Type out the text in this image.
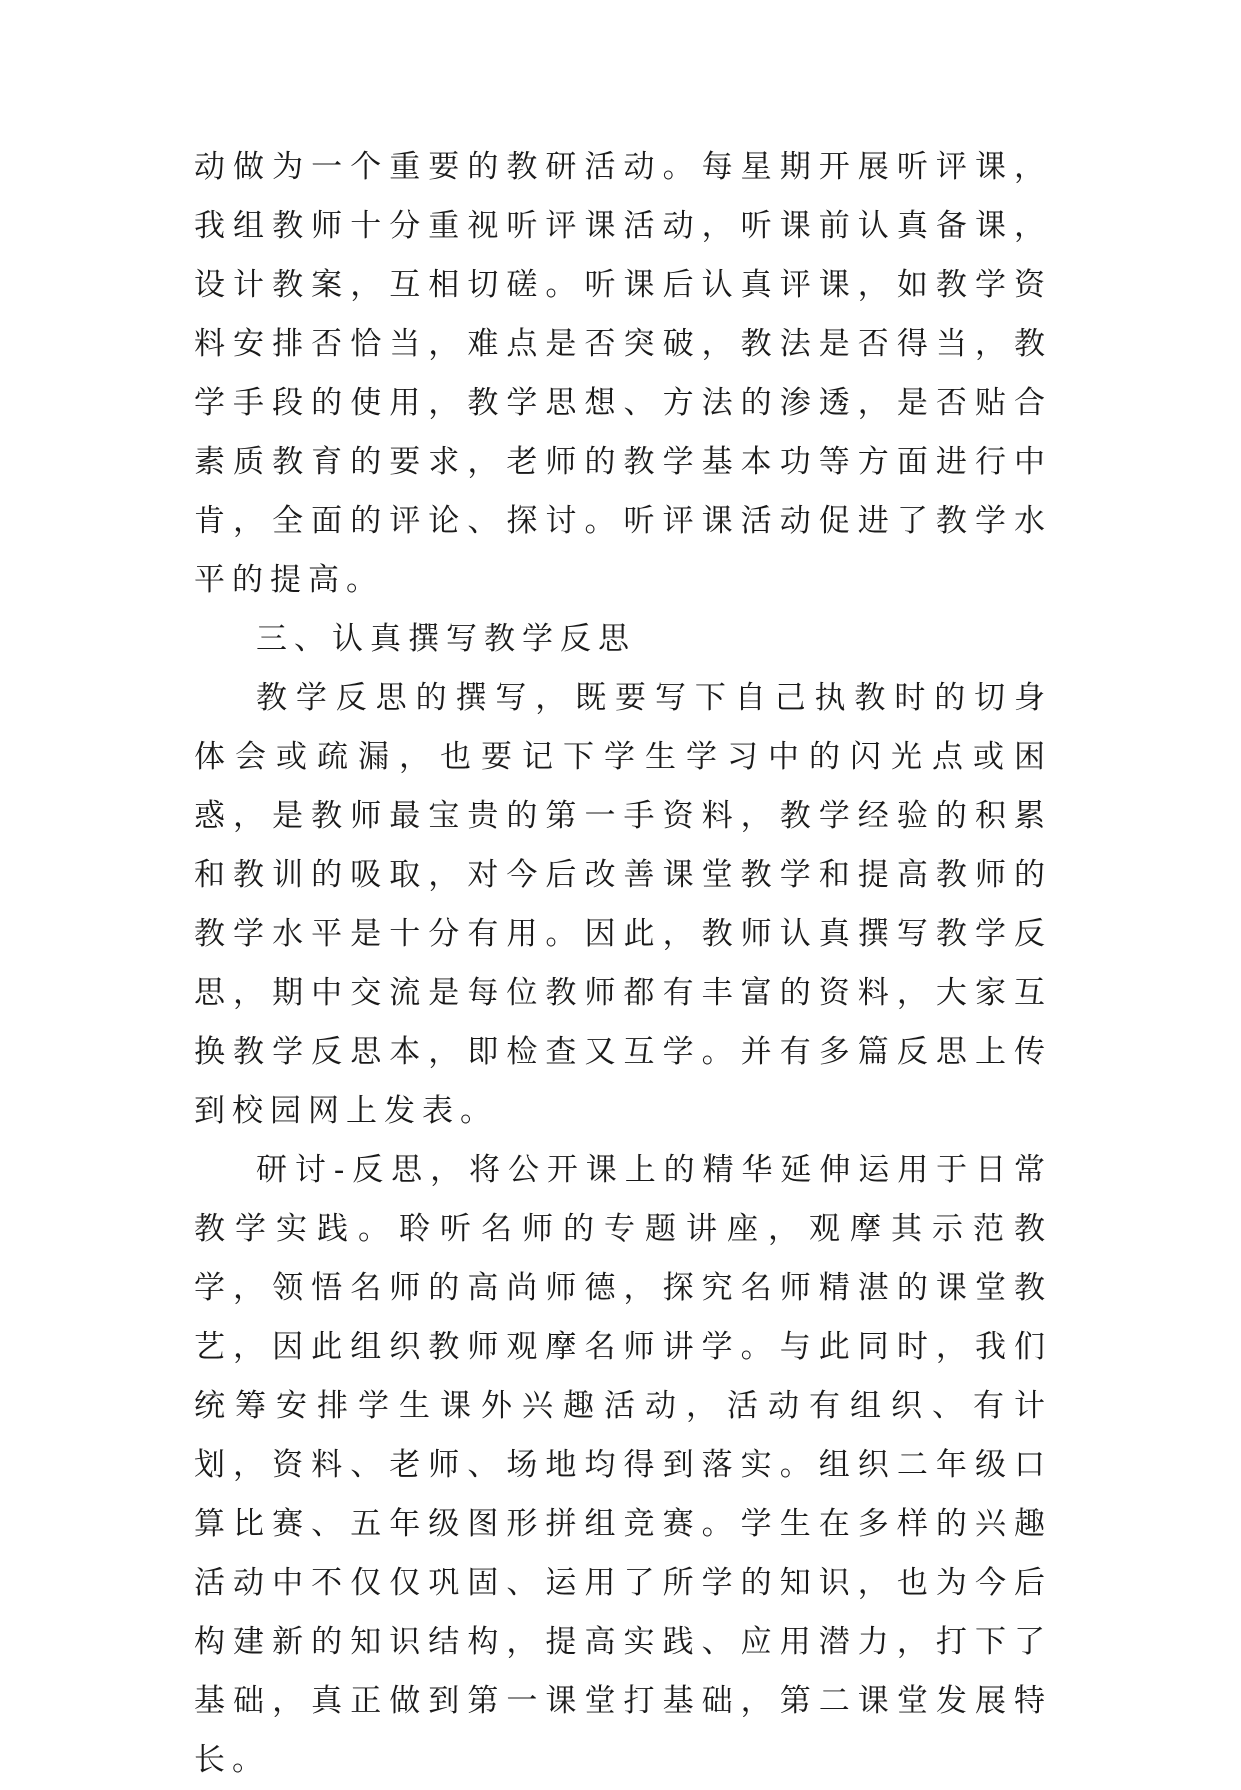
动做为一个重要的教研活动。每星期开展听评课，我组教师十分重视听评课活动，听课前认真备课，设计教案，互相切磋。听课后认真评课，如教学资料安排否恰当，难点是否突破，教法是否得当，教学手段的使用，教学思想、方法的渗透，是否贴合素质教育的要求，老师的教学基本功等方面进行中肯，全面的评论、探讨。听评课活动促进了教学水平的提高。

三、认真撰写教学反思

教学反思的撰写，既要写下自己执教时的切身体会或疏漏，也要记下学生学习中的闪光点或困惑，是教师最宝贵的第一手资料，教学经验的积累和教训的吸取，对今后改善课堂教学和提高教师的教学水平是十分有用。因此，教师认真撰写教学反思，期中交流是每位教师都有丰富的资料，大家互换教学反思本，即检查又互学。并有多篇反思上传到校园网上发表。

研讨-反思，将公开课上的精华延伸运用于日常教学实践。聆听名师的专题讲座，观摩其示范教学，领悟名师的高尚师德，探究名师精湛的课堂教艺，因此组织教师观摩名师讲学。与此同时，我们统筹安排学生课外兴趣活动，活动有组织、有计划，资料、老师、场地均得到落实。组织二年级口算比赛、五年级图形拼组竞赛。学生在多样的兴趣活动中不仅仅巩固、运用了所学的知识，也为今后构建新的知识结构，提高实践、应用潜力，打下了基础，真正做到第一课堂打基础，第二课堂发展特长。
